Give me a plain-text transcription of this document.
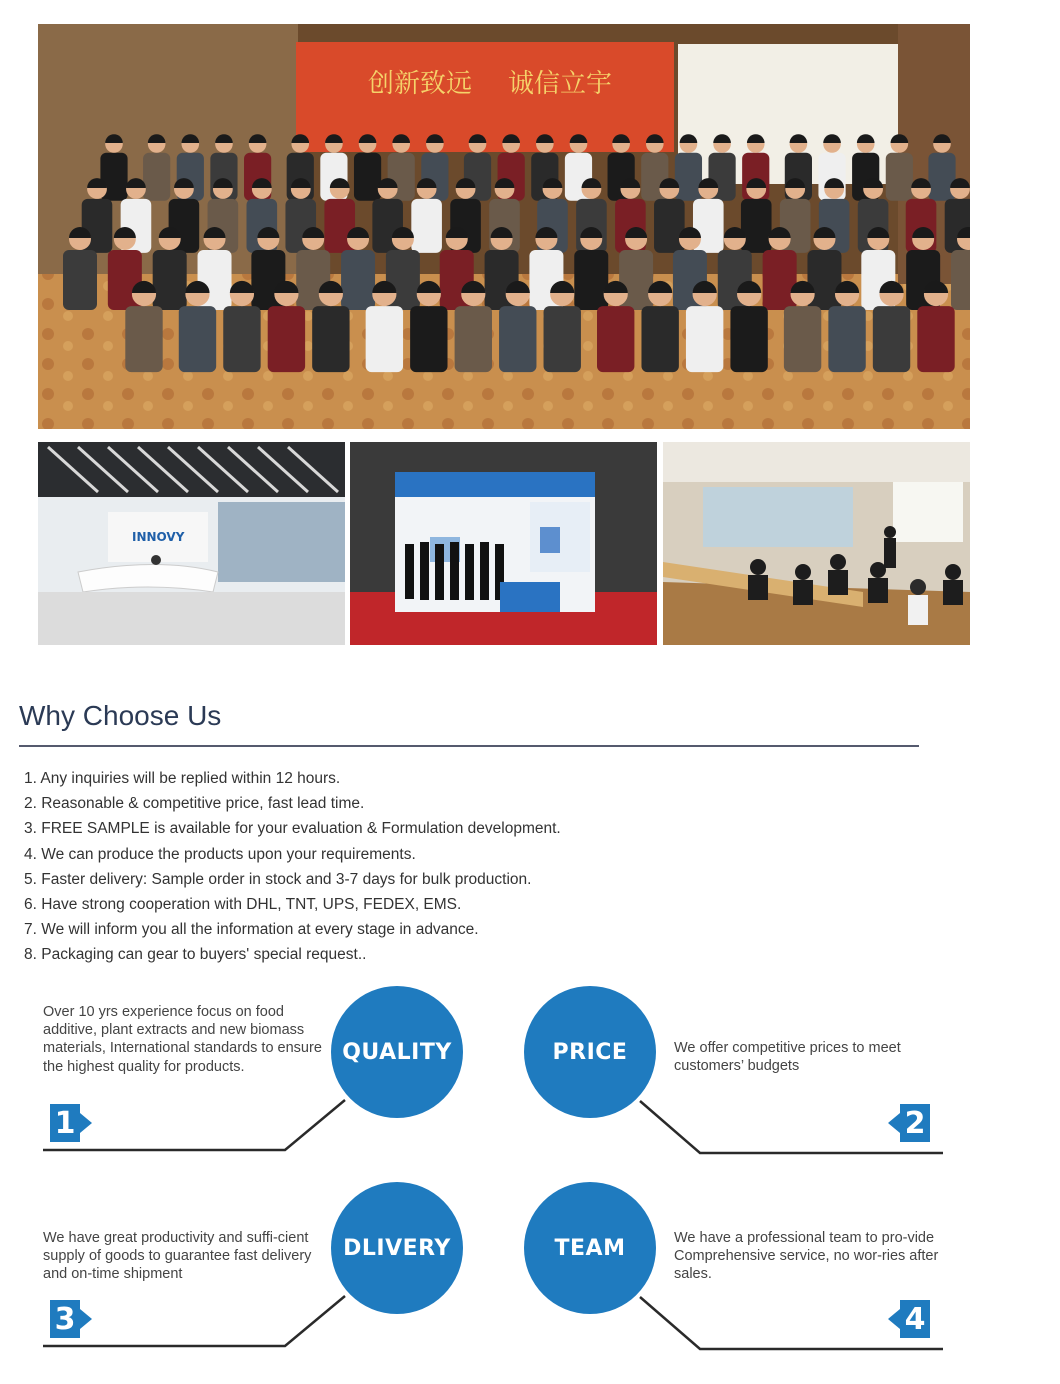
创新致远 诚信立宇
INNOVY
Why Choose Us
1. Any inquiries will be replied within 12 hours.
2. Reasonable & competitive price, fast lead time.
3. FREE SAMPLE is available for your evaluation & Formulation development.
4. We can produce the products upon your requirements.
5. Faster delivery: Sample order in stock and 3-7 days for bulk production.
6. Have strong cooperation with DHL, TNT, UPS, FEDEX, EMS.
7. We will inform you all the information at every stage in advance.
8. Packaging can gear to buyers' special request..
Over 10 yrs experience focus on food additive, plant extracts and new biomass materials, International standards to ensure the highest quality for products.
QUALITY
1
PRICE	We offer competitive prices to meet customers’ budgets
2
We have great productivity and suffi-cient supply of goods to guarantee fast delivery and on-time shipment
DLIVERY
3
TEAM	We have a professional team to pro-vide Comprehensive service, no wor-ries after sales.
4
